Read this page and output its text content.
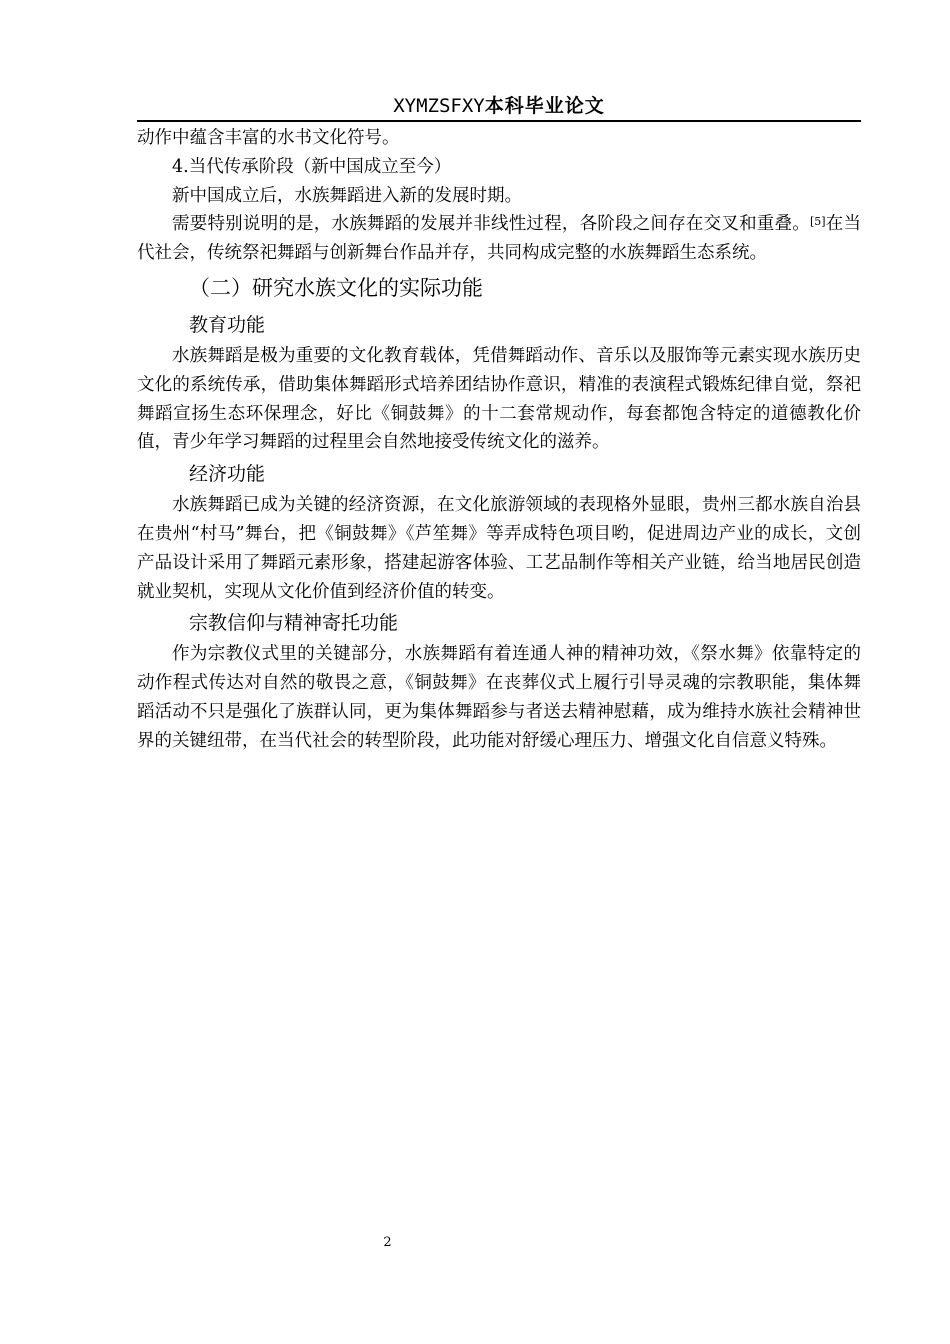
XYMZSFXY本科毕业论文

动作中蕴含丰富的水书文化符号。

4.当代传承阶段（新中国成立至今）

新中国成立后，水族舞蹈进入新的发展时期。

需要特别说明的是，水族舞蹈的发展并非线性过程，各阶段之间存在交叉和重叠。[5]在当代社会，传统祭祀舞蹈与创新舞台作品并存，共同构成完整的水族舞蹈生态系统。

（二）研究水族文化的实际功能
教育功能

水族舞蹈是极为重要的文化教育载体，凭借舞蹈动作、音乐以及服饰等元素实现水族历史文化的系统传承，借助集体舞蹈形式培养团结协作意识，精准的表演程式锻炼纪律自觉，祭祀舞蹈宣扬生态环保理念，好比《铜鼓舞》的十二套常规动作，每套都饱含特定的道德教化价值，青少年学习舞蹈的过程里会自然地接受传统文化的滋养。

经济功能

水族舞蹈已成为关键的经济资源，在文化旅游领域的表现格外显眼，贵州三都水族自治县在贵州“村马”舞台，把《铜鼓舞》《芦笙舞》等弄成特色项目哟，促进周边产业的成长，文创产品设计采用了舞蹈元素形象，搭建起游客体验、工艺品制作等相关产业链，给当地居民创造就业契机，实现从文化价值到经济价值的转变。

宗教信仰与精神寄托功能

作为宗教仪式里的关键部分，水族舞蹈有着连通人神的精神功效，《祭水舞》依靠特定的动作程式传达对自然的敬畏之意，《铜鼓舞》在丧葬仪式上履行引导灵魂的宗教职能，集体舞蹈活动不只是强化了族群认同，更为集体舞蹈参与者送去精神慰藉，成为维持水族社会精神世界的关键纽带，在当代社会的转型阶段，此功能对舒缓心理压力、增强文化自信意义特殊。

2
